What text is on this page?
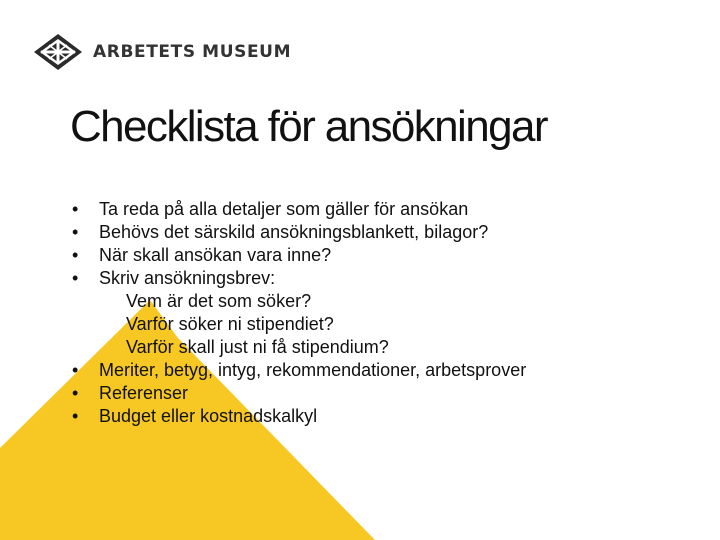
ARBETETS MUSEUM
Checklista för ansökningar
• Ta reda på alla detaljer som gäller för ansökan
• Behövs det särskild ansökningsblankett, bilagor?
• När skall ansökan vara inne?
• Skriv ansökningsbrev:
Vem är det som söker?
Varför söker ni stipendiet?
Varför skall just ni få stipendium?
• Meriter, betyg, intyg, rekommendationer, arbetsprover
• Referenser
• Budget eller kostnadskalkyl
